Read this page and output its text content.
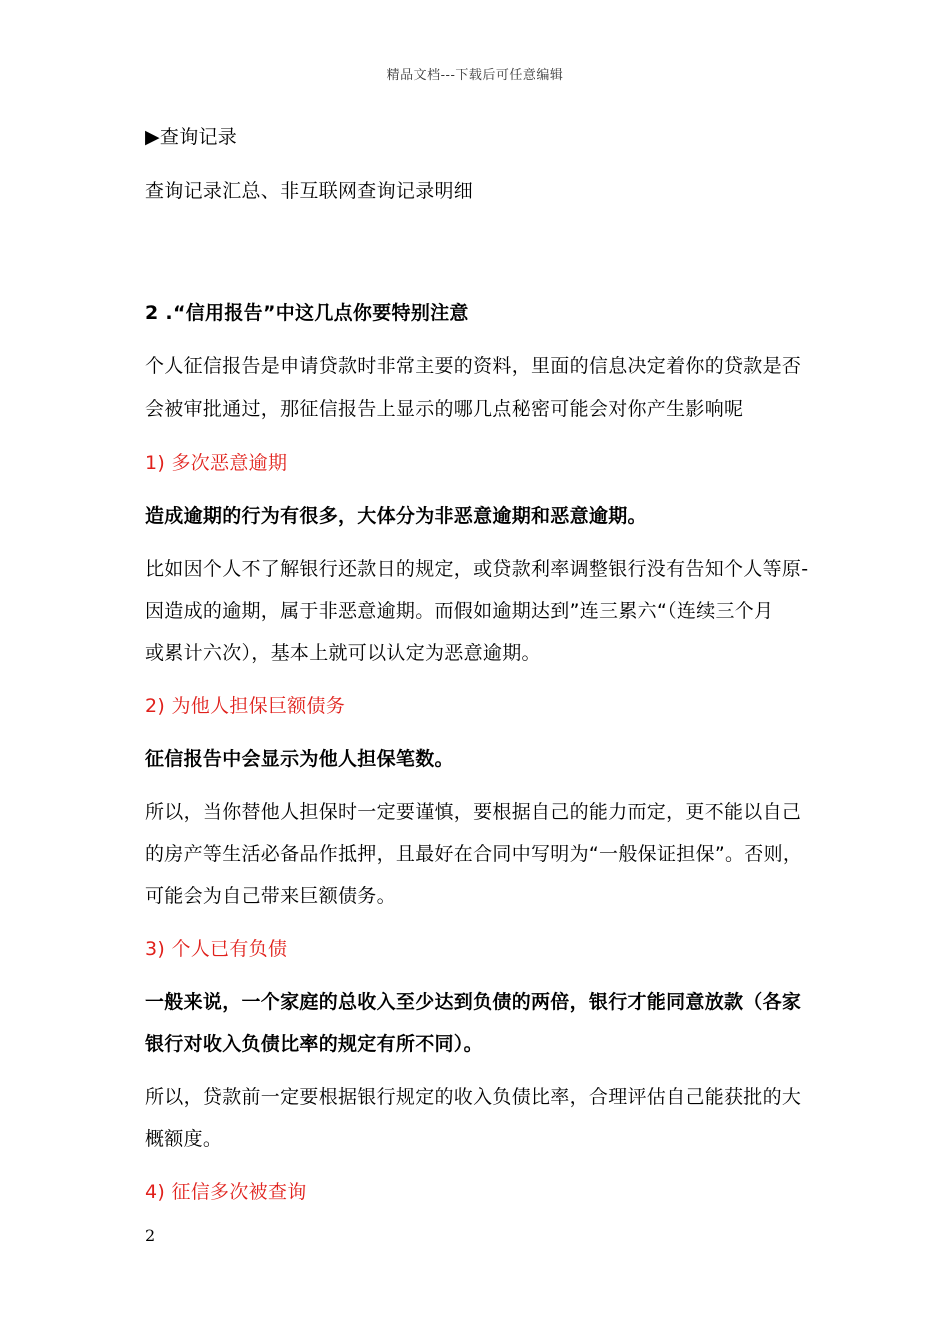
精品文档---下载后可任意编辑
▶查询记录
查询记录汇总、非互联网查询记录明细
2 .“信用报告”中这几点你要特别注意
个人征信报告是申请贷款时非常主要的资料，里面的信息决定着你的贷款是否
会被审批通过，那征信报告上显示的哪几点秘密可能会对你产生影响呢
1) 多次恶意逾期
造成逾期的行为有很多，大体分为非恶意逾期和恶意逾期。
比如因个人不了解银行还款日的规定，或贷款利率调整银行没有告知个人等原-
因造成的逾期，属于非恶意逾期。而假如逾期达到”连三累六“（连续三个月
或累计六次），基本上就可以认定为恶意逾期。
2) 为他人担保巨额债务
征信报告中会显示为他人担保笔数。
所以，当你替他人担保时一定要谨慎，要根据自己的能力而定，更不能以自己
的房产等生活必备品作抵押，且最好在合同中写明为“一般保证担保”。否则，
可能会为自己带来巨额债务。
3) 个人已有负债
一般来说，一个家庭的总收入至少达到负债的两倍，银行才能同意放款（各家
银行对收入负债比率的规定有所不同）。
所以，贷款前一定要根据银行规定的收入负债比率，合理评估自己能获批的大
概额度。
4) 征信多次被查询
2
